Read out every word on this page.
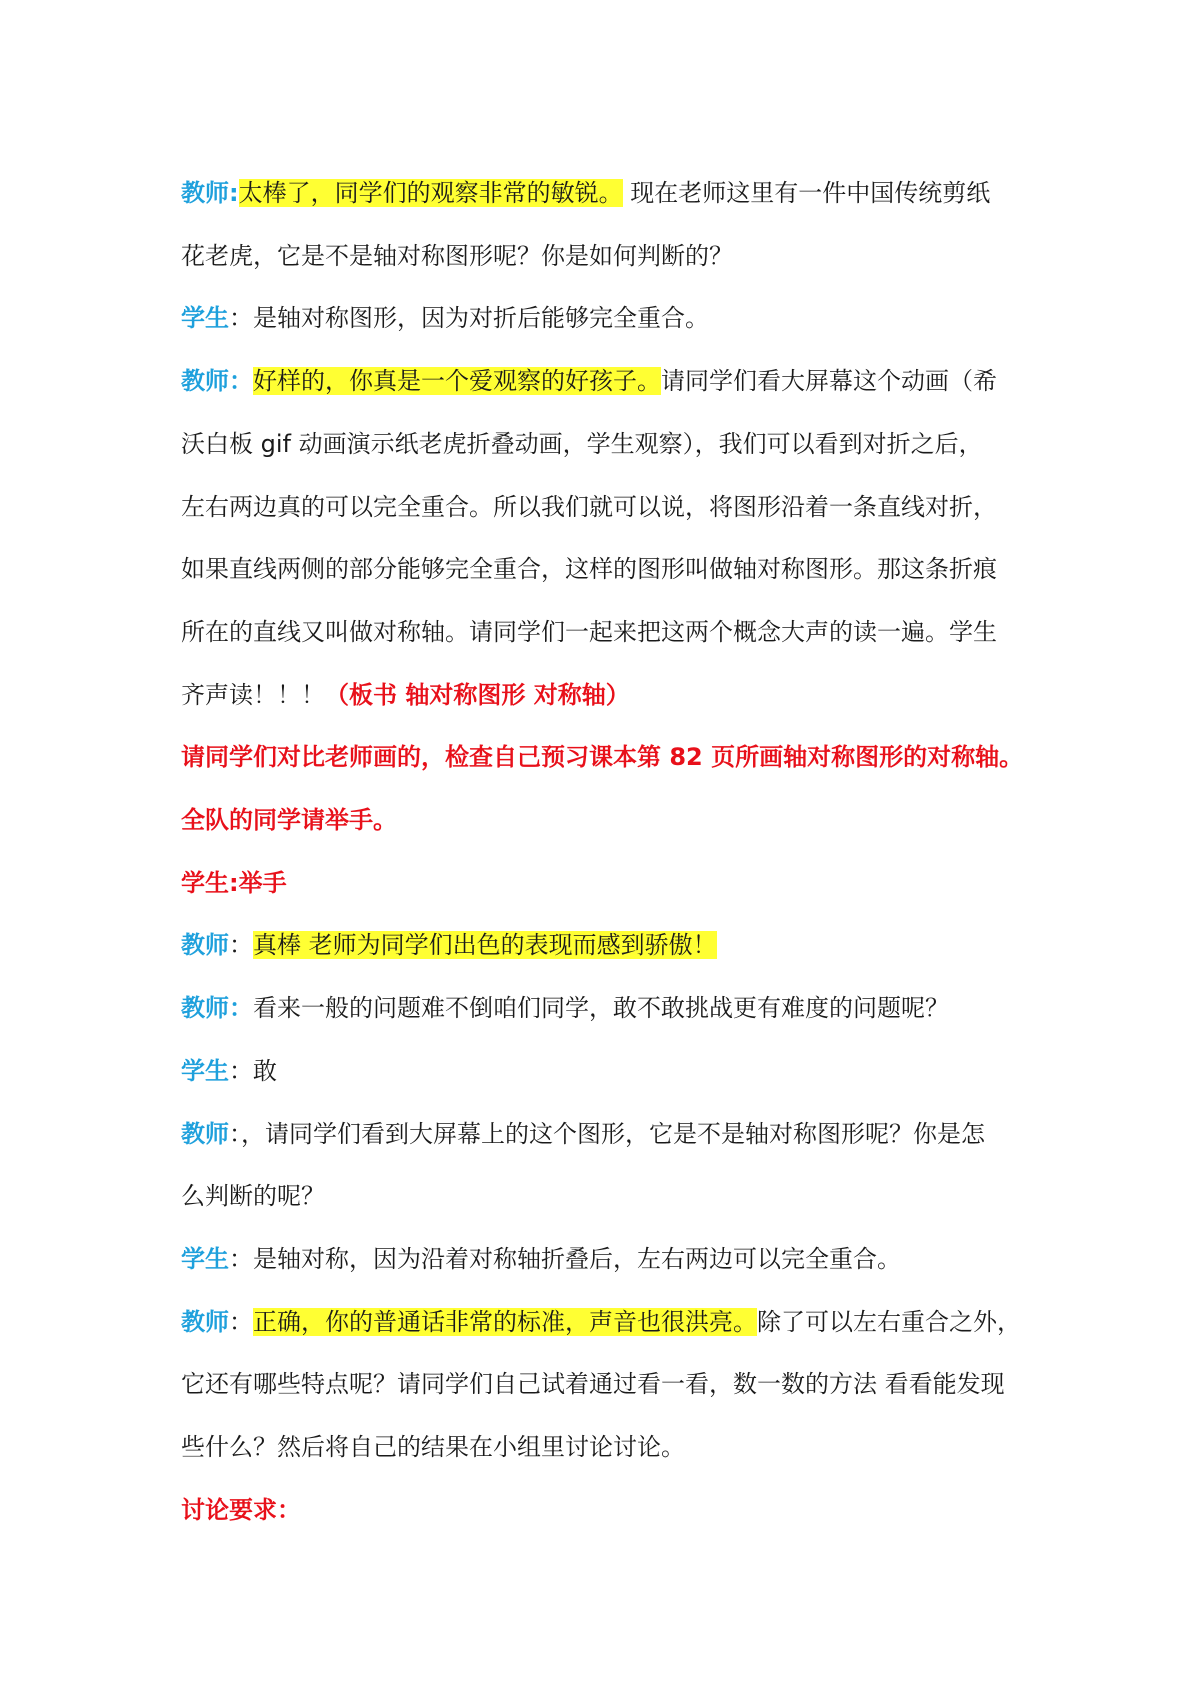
教师:太棒了，同学们的观察非常的敏锐。 现在老师这里有一件中国传统剪纸

花老虎，它是不是轴对称图形呢？你是如何判断的？

学生：是轴对称图形，因为对折后能够完全重合。

教师：好样的，你真是一个爱观察的好孩子。请同学们看大屏幕这个动画（希

沃白板 gif 动画演示纸老虎折叠动画，学生观察），我们可以看到对折之后，

左右两边真的可以完全重合。所以我们就可以说，将图形沿着一条直线对折，

如果直线两侧的部分能够完全重合，这样的图形叫做轴对称图形。那这条折痕

所在的直线又叫做对称轴。请同学们一起来把这两个概念大声的读一遍。学生

齐声读！！！（板书 轴对称图形 对称轴）

请同学们对比老师画的，检查自己预习课本第 82 页所画轴对称图形的对称轴。

全队的同学请举手。

学生:举手

教师：真棒 老师为同学们出色的表现而感到骄傲！

教师：看来一般的问题难不倒咱们同学，敢不敢挑战更有难度的问题呢？

学生：敢

教师：，请同学们看到大屏幕上的这个图形，它是不是轴对称图形呢？你是怎

么判断的呢？

学生：是轴对称，因为沿着对称轴折叠后，左右两边可以完全重合。

教师：正确，你的普通话非常的标准，声音也很洪亮。除了可以左右重合之外，

它还有哪些特点呢？请同学们自己试着通过看一看，数一数的方法 看看能发现

些什么？然后将自己的结果在小组里讨论讨论。

讨论要求：
